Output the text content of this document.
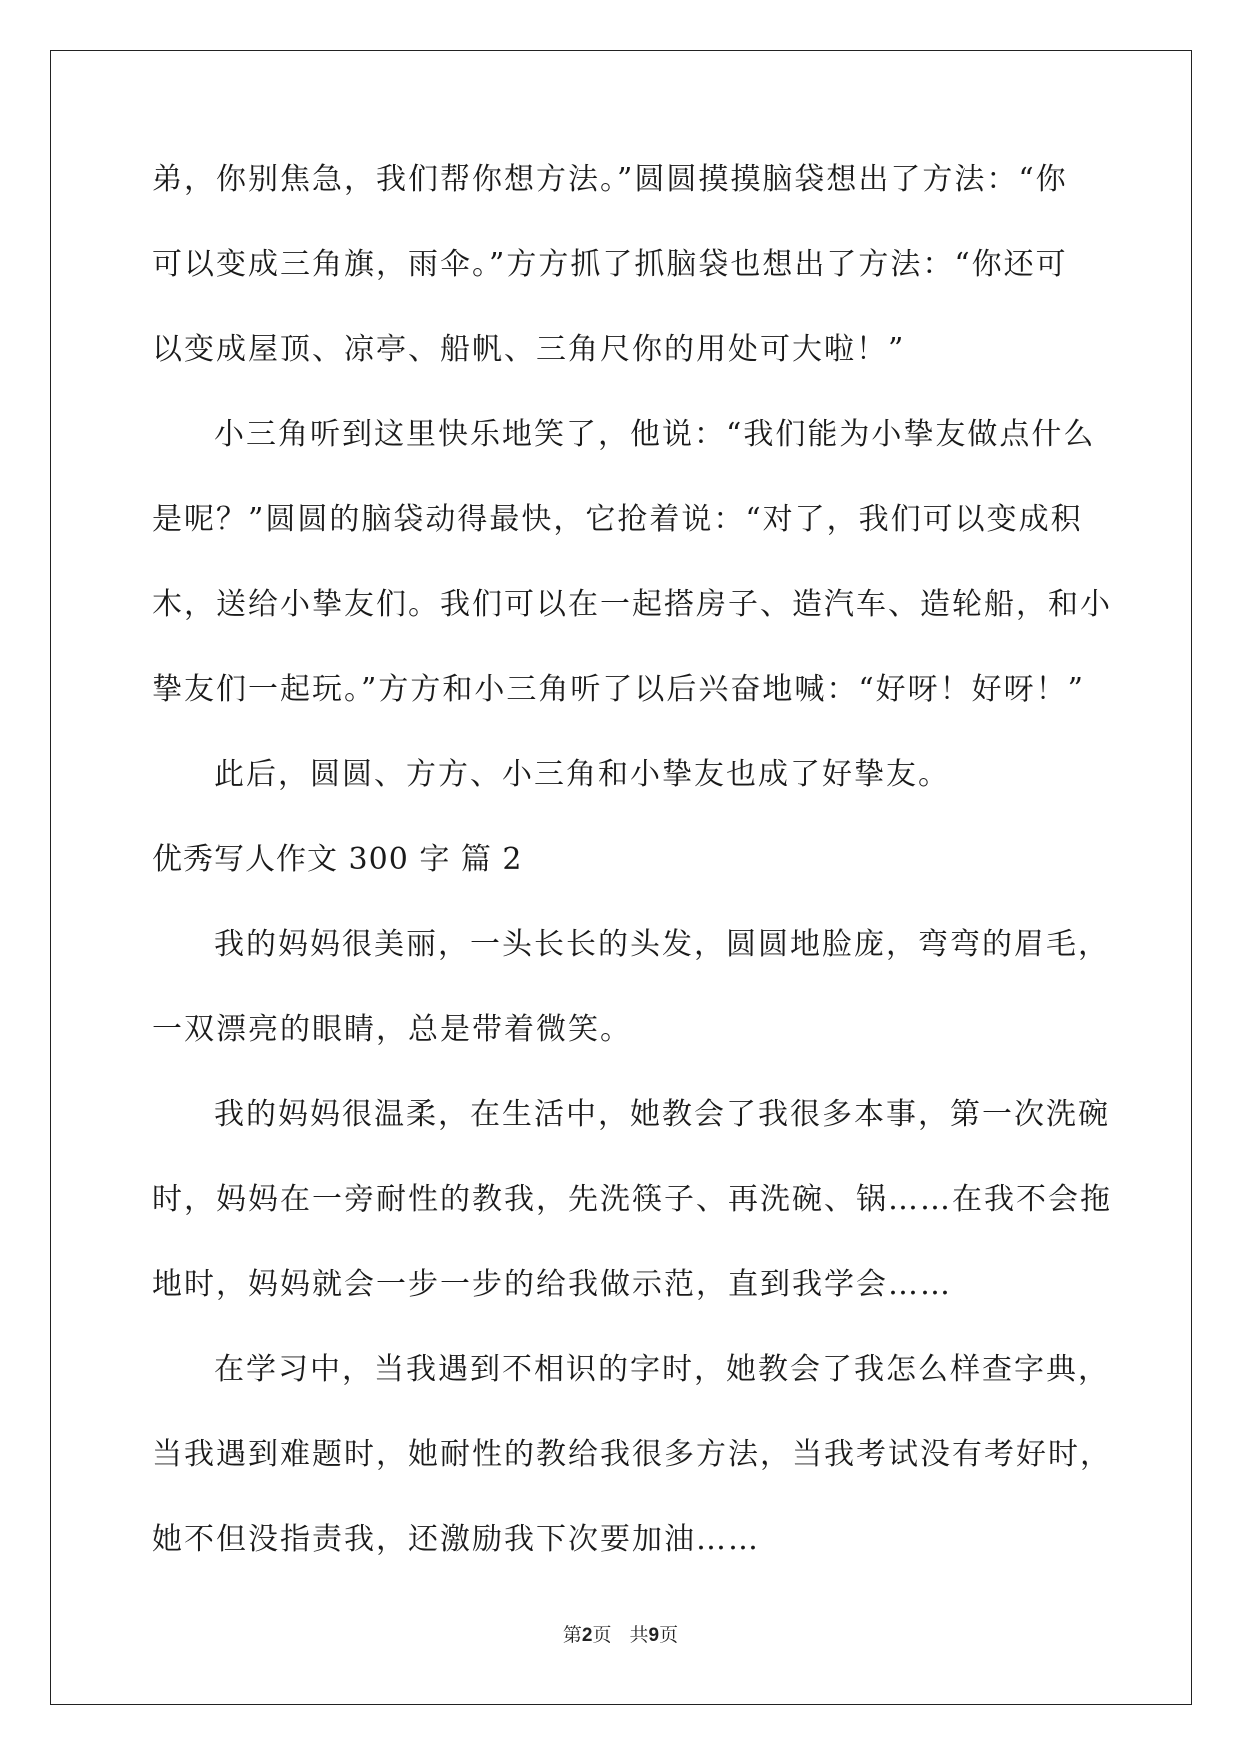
弟，你别焦急，我们帮你想方法。”圆圆摸摸脑袋想出了方法：“你
可以变成三角旗，雨伞。”方方抓了抓脑袋也想出了方法：“你还可
以变成屋顶、凉亭、船帆、三角尺你的用处可大啦！”
小三角听到这里快乐地笑了，他说：“我们能为小挚友做点什么
是呢？”圆圆的脑袋动得最快，它抢着说：“对了，我们可以变成积
木，送给小挚友们。我们可以在一起搭房子、造汽车、造轮船，和小
挚友们一起玩。”方方和小三角听了以后兴奋地喊：“好呀！好呀！”
此后，圆圆、方方、小三角和小挚友也成了好挚友。
优秀写人作文 300 字 篇 2
我的妈妈很美丽，一头长长的头发，圆圆地脸庞，弯弯的眉毛，
一双漂亮的眼睛，总是带着微笑。
我的妈妈很温柔，在生活中，她教会了我很多本事，第一次洗碗
时，妈妈在一旁耐性的教我，先洗筷子、再洗碗、锅……在我不会拖
地时，妈妈就会一步一步的给我做示范，直到我学会……
在学习中，当我遇到不相识的字时，她教会了我怎么样查字典，
当我遇到难题时，她耐性的教给我很多方法，当我考试没有考好时，
她不但没指责我，还激励我下次要加油……
第2页 共9页
